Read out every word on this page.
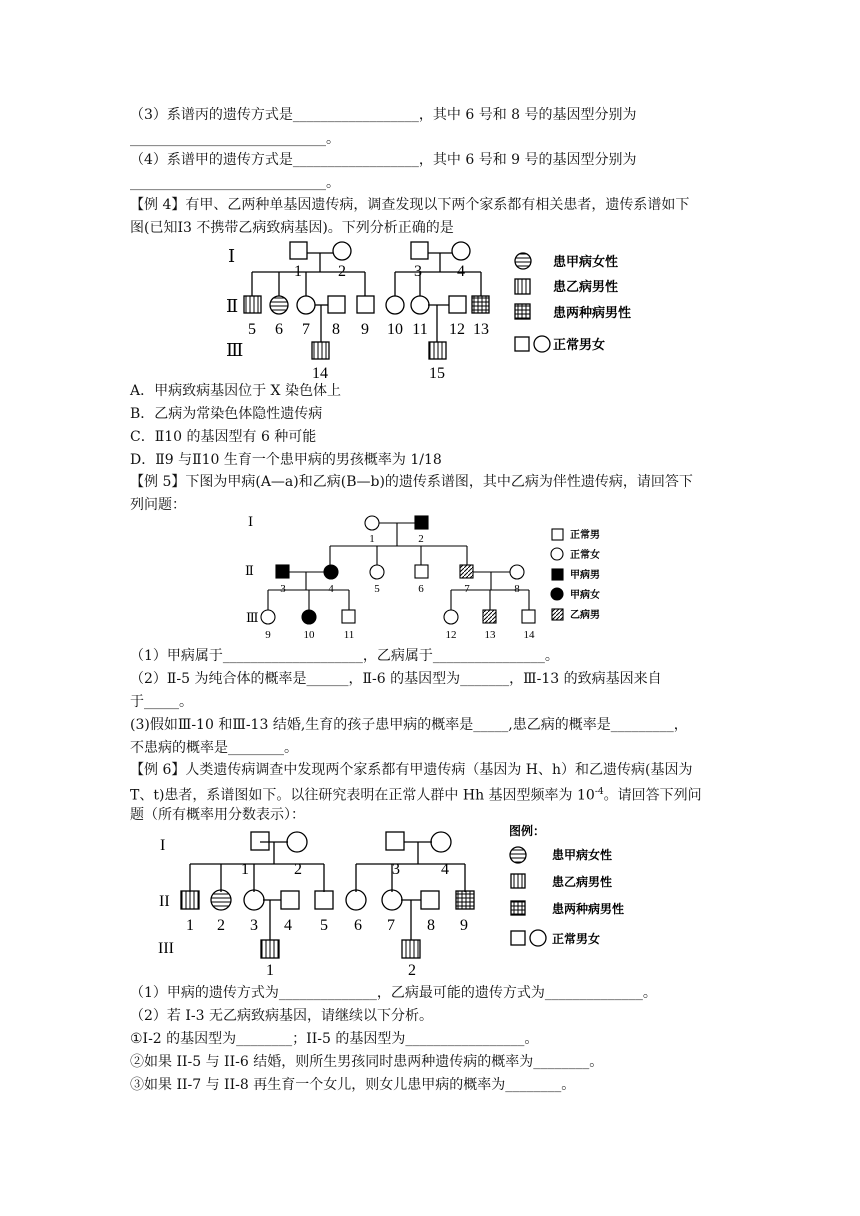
（3）系谱丙的遗传方式是__________________，其中 6 号和 8 号的基因型分别为
____________________________。
（4）系谱甲的遗传方式是__________________，其中 6 号和 9 号的基因型分别为
____________________________。
【例 4】有甲、乙两种单基因遗传病，调查发现以下两个家系都有相关患者，遗传系谱如下
图(已知Ⅰ3 不携带乙病致病基因)。下列分析正确的是
Ⅰ
Ⅱ
Ⅲ
1 2	3 4
5 6 7 8 9 10 11 12 13
14	15
患甲病女性
患乙病男性
患两种病男性
正常男女
A．甲病致病基因位于 X 染色体上
B．乙病为常染色体隐性遗传病
C．Ⅱ10 的基因型有 6 种可能
D．Ⅱ9 与Ⅱ10 生育一个患甲病的男孩概率为 1/18
【例 5】下图为甲病(A—a)和乙病(B—b)的遗传系谱图，其中乙病为伴性遗传病，请回答下
列问题：
Ⅰ
Ⅱ
Ⅲ
1	2
3	4	5	6	7	8
9	10	11	12	13	14
正常男
正常女
甲病男
甲病女
乙病男
（1）甲病属于____________________，乙病属于________________。
（2）Ⅱ-5 为纯合体的概率是______，Ⅱ-6 的基因型为_______，Ⅲ-13 的致病基因来自
于_____。
(3)假如Ⅲ-10 和Ⅲ-13 结婚,生育的孩子患甲病的概率是_____,患乙病的概率是_________，
不患病的概率是________。
【例 6】人类遗传病调查中发现两个家系都有甲遗传病（基因为 H、h）和乙遗传病(基因为
T、t)患者，系谱图如下。以往研究表明在正常人群中 Hh 基因型频率为 $10^{-4}$。请回答下列问
题（所有概率用分数表示）：
I
II
III
1	2	3	4
1 2 3 4 5 6 7 8 9
1	2
图例：
患甲病女性
患乙病男性
患两种病男性
正常男女
（1）甲病的遗传方式为______________，乙病最可能的遗传方式为______________。
（2）若 I-3 无乙病致病基因，请继续以下分析。
①I-2 的基因型为________；II-5 的基因型为_________________。
②如果 II-5 与 II-6 结婚，则所生男孩同时患两种遗传病的概率为________。
③如果 II-7 与 II-8 再生育一个女儿，则女儿患甲病的概率为________。
